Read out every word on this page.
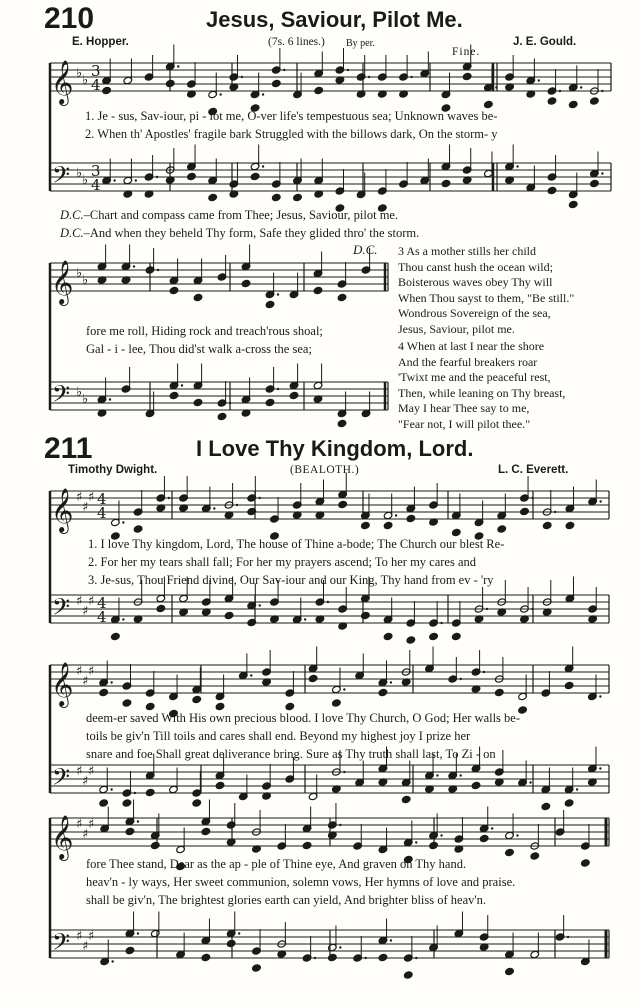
210	Jesus, Saviour, Pilot Me.
E. Hopper.	(7s. 6 lines.) By per.	J. E. Gould.
Fine.
𝄞 ♭ ♭
3
4
𝄢 ♭ ♭
3
4
𝄞 ♭ ♭
𝄢 ♭ ♭
𝄞 ♯
♯
♯ 4
4
𝄢 ♯
♯
♯ 4
4
𝄞 ♯
♯
♯
𝄢 ♯
♯
♯
𝄞 ♯
♯
♯
𝄢 ♯
♯
♯
1. Je - sus, Sav-iour, pi - lot me, O-ver life's tempestuous sea; Unknown waves be-
2. When th' Apostles' fragile bark Struggled with the billows dark, On the storm- y
D.C.–Chart and compass came from Thee; Jesus, Saviour, pilot me.
D.C.–And when they beheld Thy form, Safe they glided thro' the storm.
D.C.
fore me roll, Hiding rock and treach'rous shoal;
Gal - i - lee, Thou did'st walk a-cross the sea;
3 As a mother stills her child
Thou canst hush the ocean wild;
Boisterous waves obey Thy will
When Thou sayst to them, "Be still."
Wondrous Sovereign of the sea,
Jesus, Saviour, pilot me.
4 When at last I near the shore
And the fearful breakers roar
'Twixt me and the peaceful rest,
Then, while leaning on Thy breast,
May I hear Thee say to me,
"Fear not, I will pilot thee."
211	I Love Thy Kingdom, Lord.
Timothy Dwight.	(BEALOTH.)	L. C. Everett.
1. I love Thy kingdom, Lord, The house of Thine a-bode; The Church our blest Re-
2. For her my tears shall fall; For her my prayers ascend; To her my cares and
3. Je-sus, Thou Friend divine, Our Sav-iour and our King, Thy hand from ev - 'ry
deem-er saved With His own precious blood. I love Thy Church, O God; Her walls be-
toils be giv'n Till toils and cares shall end. Beyond my highest joy I prize her
snare and foe Shall great deliverance bring. Sure as Thy truth shall last, To Zi - on
fore Thee stand, Dear as the ap - ple of Thine eye, And graven on Thy hand.
heav'n - ly ways, Her sweet communion, solemn vows, Her hymns of love and praise.
shall be giv'n, The brightest glories earth can yield, And brighter bliss of heav'n.
